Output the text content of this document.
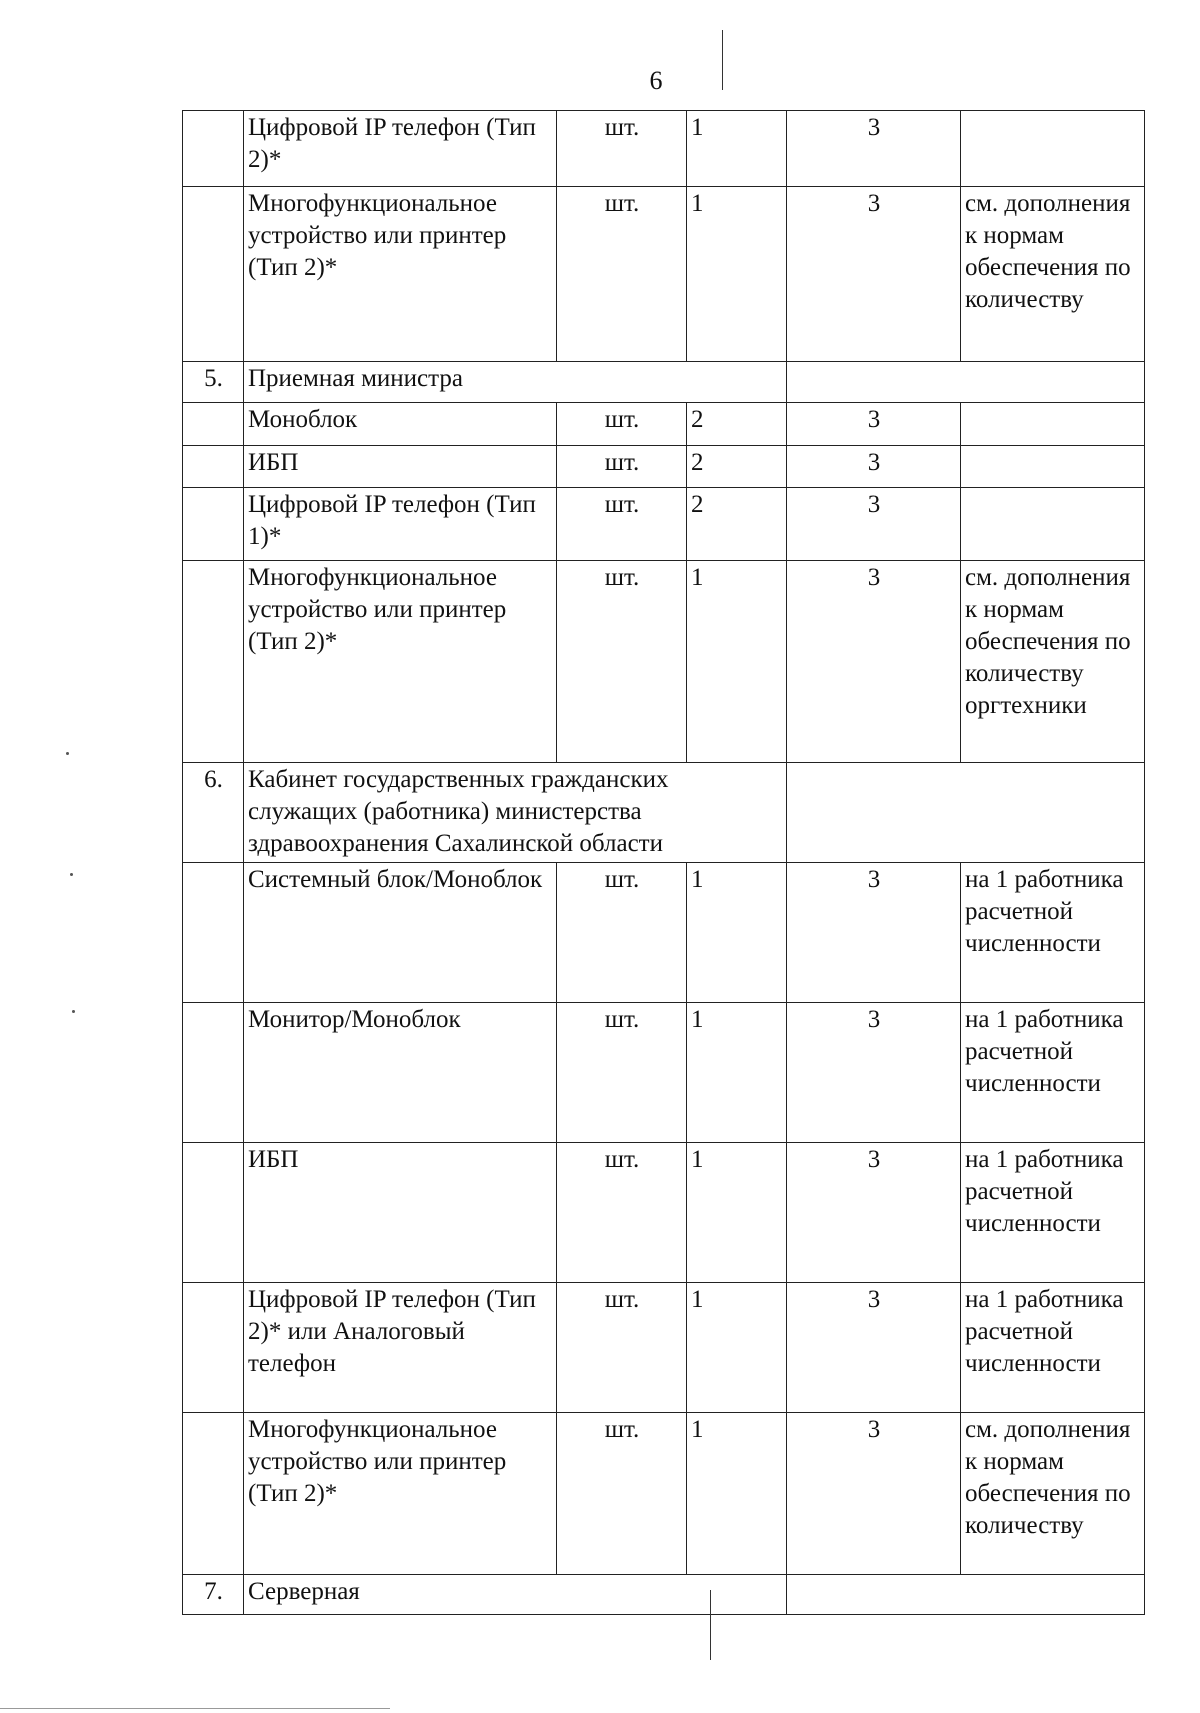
6
	Цифровой IP телефон (Тип 2)*	шт.	1	3	
	Многофункциональное устройство или принтер (Тип 2)*	шт.	1	3	см. дополнения к нормам обеспечения по количеству
5.	Приемная министра				
	Моноблок	шт.	2	3	
	ИБП	шт.	2	3	
	Цифровой IP телефон (Тип 1)*	шт.	2	3	
	Многофункциональное устройство или принтер (Тип 2)*	шт.	1	3	см. дополнения к нормам обеспечения по количеству оргтехники
6.	Кабинет государственных гражданских служащих (работника) министерства здравоохранения Сахалинской области				
	Системный блок/Моноблок	шт.	1	3	на 1 работника расчетной численности
	Монитор/Моноблок	шт.	1	3	на 1 работника расчетной численности
	ИБП	шт.	1	3	на 1 работника расчетной численности
	Цифровой IP телефон (Тип 2)* или Аналоговый телефон	шт.	1	3	на 1 работника расчетной численности
	Многофункциональное устройство или принтер (Тип 2)*	шт.	1	3	см. дополнения к нормам обеспечения по количеству
7.	Серверная				
